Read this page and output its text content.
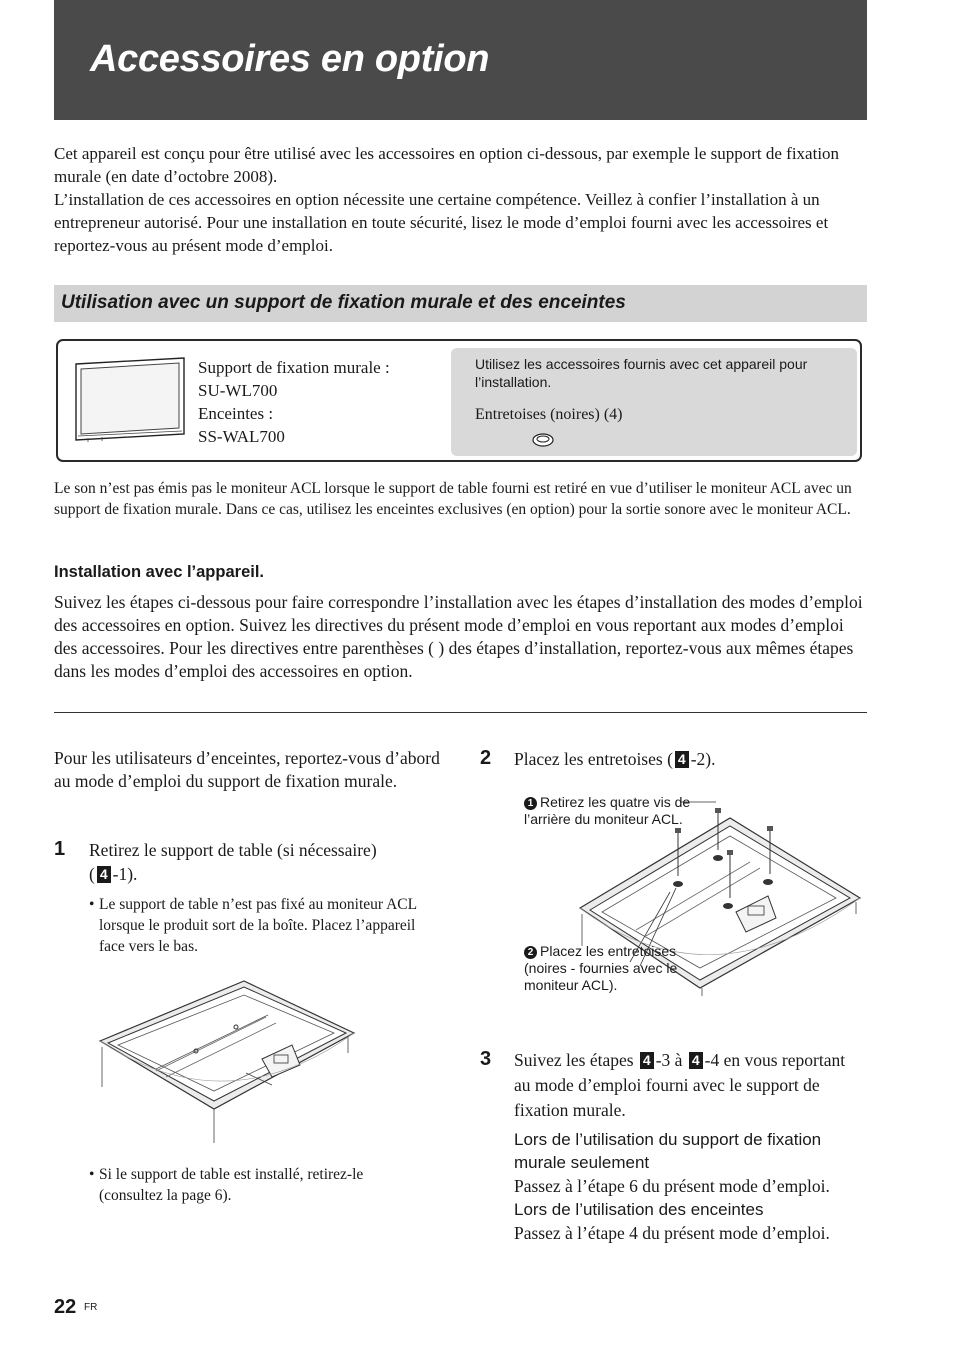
Accessoires en option

Cet appareil est conçu pour être utilisé avec les accessoires en option ci-dessous, par exemple le support de fixation murale (en date d’octobre 2008).

L’installation de ces accessoires en option nécessite une certaine compétence. Veillez à confier l’installation à un entrepreneur autorisé. Pour une installation en toute sécurité, lisez le mode d’emploi fourni avec les accessoires et reportez-vous au présent mode d’emploi.

Utilisation avec un support de fixation murale et des enceintes
Support de fixation murale :
SU-WL700
Enceintes :
SS-WAL700
Utilisez les accessoires fournis avec cet appareil pour l’installation.
Entretoises (noires) (4)

Le son n’est pas émis pas le moniteur ACL lorsque le support de table fourni est retiré en vue d’utiliser le moniteur ACL avec un support de fixation murale. Dans ce cas, utilisez les enceintes exclusives (en option) pour la sortie sonore avec le moniteur ACL.

Installation avec l’appareil.

Suivez les étapes ci-dessous pour faire correspondre l’installation avec les étapes d’installation des modes d’emploi des accessoires en option. Suivez les directives du présent mode d’emploi en vous reportant aux modes d’emploi des accessoires. Pour les directives entre parenthèses ( ) des étapes d’installation, reportez-vous aux mêmes étapes dans les modes d’emploi des accessoires en option.

Pour les utilisateurs d’enceintes, reportez-vous d’abord au mode d’emploi du support de fixation murale.

1 Retirez le support de table (si nécessaire)
( 4 -1).

• Le support de table n’est pas fixé au moniteur ACL lorsque le produit sort de la boîte. Placez l’appareil face vers le bas.

• Si le support de table est installé, retirez-le (consultez la page 6).

2 Placez les entretoises ( 4 -2).

1 Retirez les quatre vis de l’arrière du moniteur ACL.

2 Placez les entretoises (noires - fournies avec le moniteur ACL).

3 Suivez les étapes 4 -3 à 4 -4 en vous reportant au mode d’emploi fourni avec le support de fixation murale.

Lors de l’utilisation du support de fixation murale seulement

Passez à l’étape 6 du présent mode d’emploi.

Lors de l’utilisation des enceintes

Passez à l’étape 4 du présent mode d’emploi.

22 FR
